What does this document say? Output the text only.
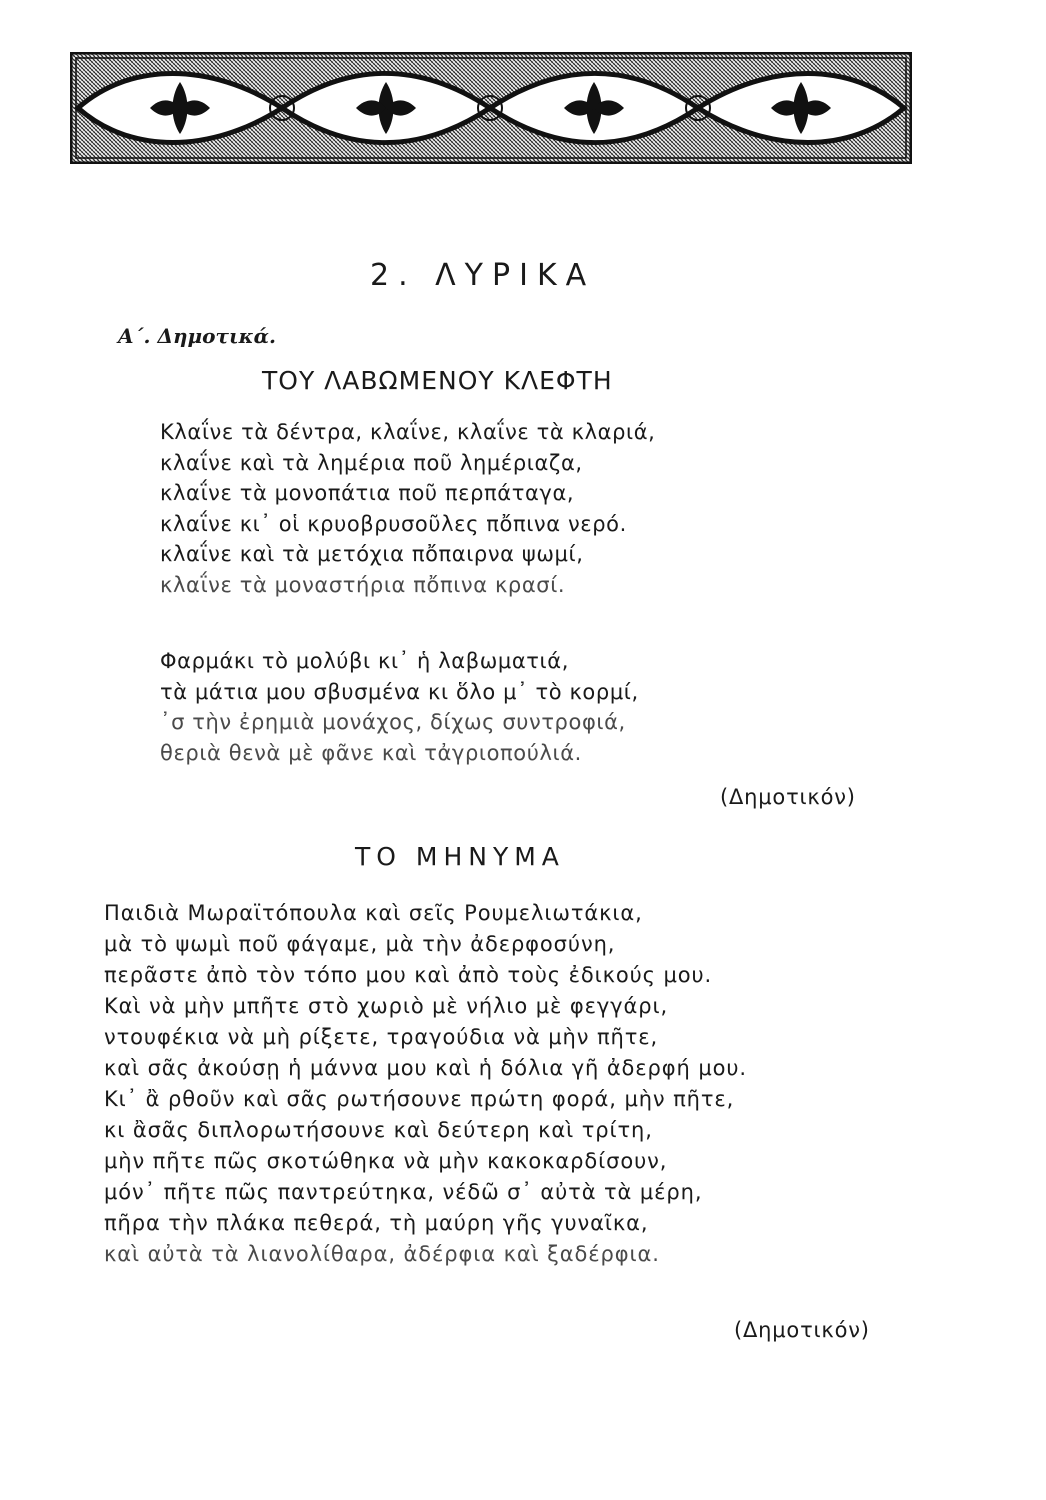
2. ΛΥΡΙΚΑ
Α΄. Δημοτικά.
ΤΟΥ ΛΑΒΩΜΕΝΟΥ ΚΛΕΦΤΗ
Κλαΐνε τὰ δέντρα, κλαΐνε, κλαΐνε τὰ κλαριά,
κλαΐνε καὶ τὰ λημέρια ποῦ λημέριαζα,
κλαΐνε τὰ μονοπάτια ποῦ περπάταγα,
κλαΐνε κι᾽ οἱ κρυοβρυσοῦλες πὄπινα νερό.
κλαΐνε καὶ τὰ μετόχια πὄπαιρνα ψωμί,
κλαΐνε τὰ μοναστήρια πὄπινα κρασί.
Φαρμάκι τὸ μολύβι κι᾽ ἡ λαβωματιά,
τὰ μάτια μου σβυσμένα κι ὅλο μ᾽ τὸ κορμί,
᾽σ τὴν ἐρημιὰ μονάχος, δίχως συντροφιά,
θεριὰ θενὰ μὲ φᾶνε καὶ τἀγριοπούλιά.
(Δημοτικόν)
ΤΟ ΜΗΝΥΜΑ
Παιδιὰ Μωραϊτόπουλα καὶ σεῖς Ρουμελιωτάκια,
μὰ τὸ ψωμὶ ποῦ φάγαμε, μὰ τὴν ἀδερφοσύνη,
περᾶστε ἀπὸ τὸν τόπο μου καὶ ἀπὸ τοὺς ἐδικούς μου.
Καὶ νὰ μὴν μπῆτε στὸ χωριὸ μὲ νήλιο μὲ φεγγάρι,
ντουφέκια νὰ μὴ ρίξετε, τραγούδια νὰ μὴν πῆτε,
καὶ σᾶς ἀκούσῃ ἡ μάννα μου καὶ ἡ δόλια γῆ ἀδερφή μου.
Κι᾽ ἂ ρθοῦν καὶ σᾶς ρωτήσουνε πρώτη φορά, μὴν πῆτε,
κι ἂσᾶς διπλορωτήσουνε καὶ δεύτερη καὶ τρίτη,
μὴν πῆτε πῶς σκοτώθηκα νὰ μὴν κακοκαρδίσουν,
μόν᾽ πῆτε πῶς παντρεύτηκα, νέδῶ σ᾽ αὐτὰ τὰ μέρη,
πῆρα τὴν πλάκα πεθερά, τὴ μαύρη γῆς γυναῖκα,
καὶ αὐτὰ τὰ λιανολίθαρα, ἀδέρφια καὶ ξαδέρφια.
(Δημοτικόν)
